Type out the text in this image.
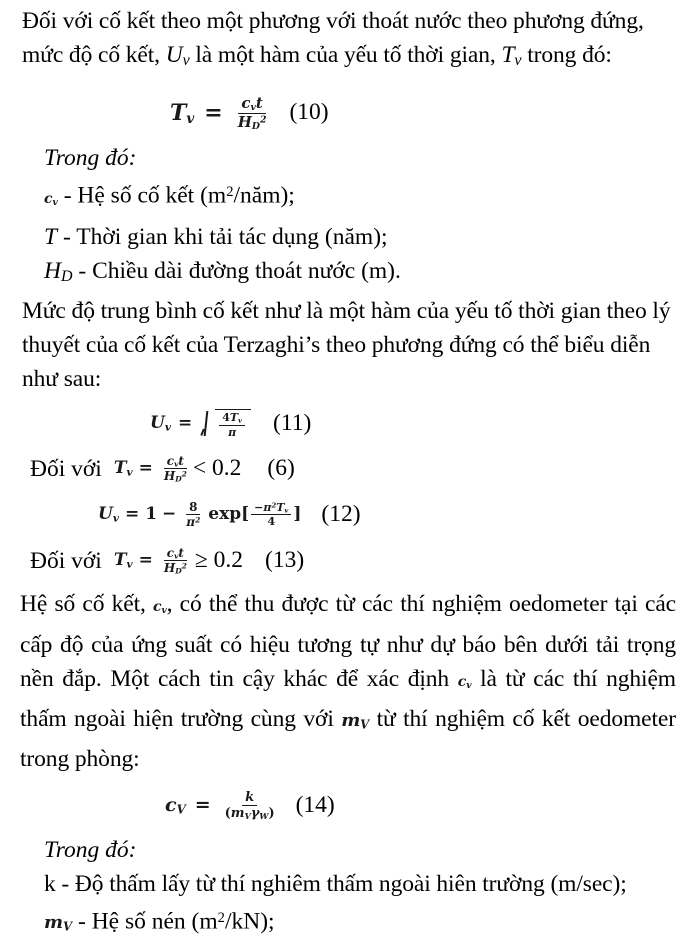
Đối với cố kết theo một phương với thoát nước theo phương đứng, mức độ cố kết, $U_v$ là một hàm của yếu tố thời gian, $T_v$ trong đó:

$T_v = \frac{c_vt}{H_D^2} (10)$

Trong đó:

$c_v$ - Hệ số cố kết $(m^2/năm)$;

T - Thời gian khi tải tác dụng (năm);

$H_D$ - Chiều dài đường thoát nước (m).

Mức độ trung bình cố kết như là một hàm của yếu tố thời gian theo lý thuyết của cố kết của Terzaghi’s theo phương đứng có thể biểu diễn như sau:

$U_v$ =	$\frac{4T_v}{\pi} (11)$
Đối với $T_v = \frac{c_vt}{H_D^2} < 0.2$ (6)
$U_v = 1 - \frac{8}{\pi^2}$ exp [ $\frac{-\pi^2T_v}{4}$ ] (12)
Đối với $T_v = \frac{c_vt}{H_D^2} \ge 0.2$ (13)

Hệ số cố kết, $c_v$, có thể thu được từ các thí nghiệm oedometer tại các cấp độ của ứng suất có hiệu tương tự như dự báo bên dưới tải trọng nền đắp. Một cách tin cậy khác để xác định $c_v$ là từ các thí nghiệm thấm ngoài hiện trường cùng với $m_V$ từ thí nghiệm cố kết oedometer trong phòng:

$c_V = \frac{k}{(m_V\gamma_W)} (14)$

Trong đó:

k - Độ thấm lấy từ thí nghiêm thấm ngoài hiên trường (m/sec);

$m_V$ - Hệ số nén $(m^2/kN)$;
